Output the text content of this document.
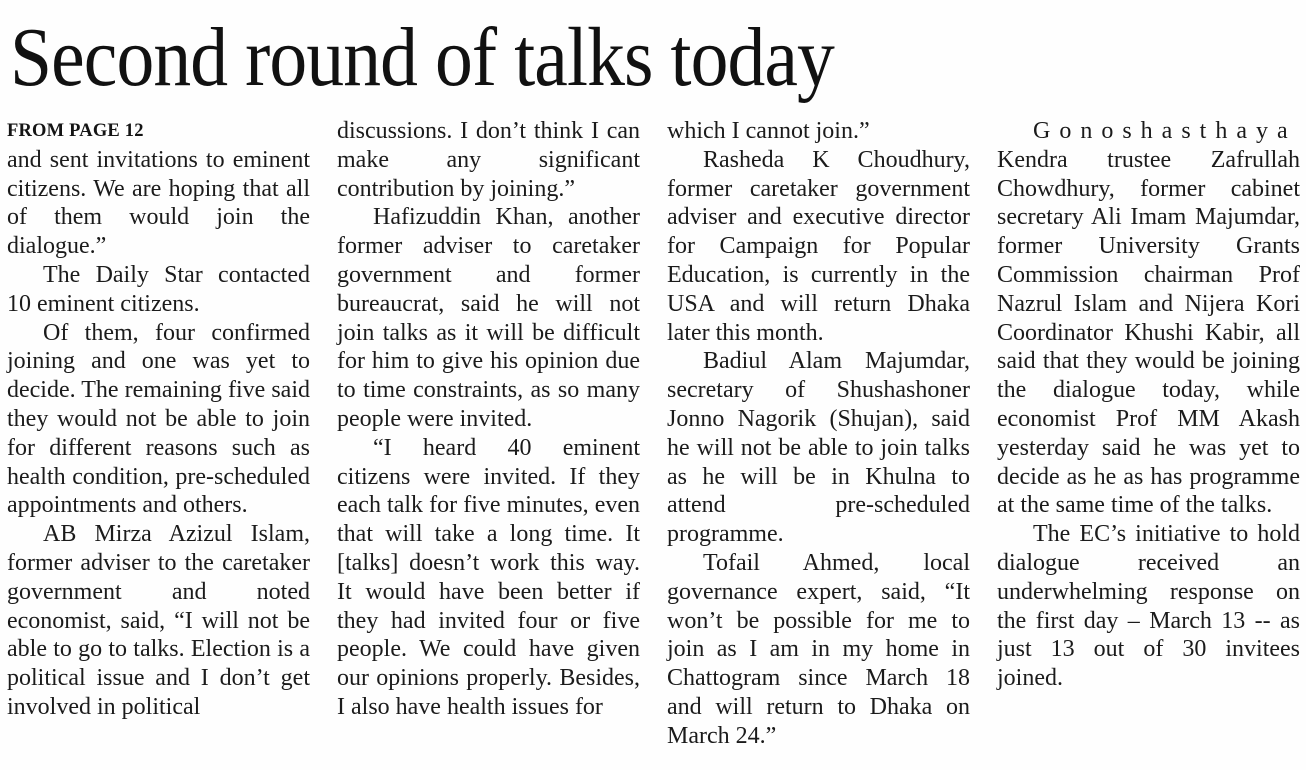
Second round of talks today
FROM PAGE 12

and sent invitations to eminent citizens. We are hoping that all of them would join the dialogue.”

The Daily Star contacted 10 eminent citizens.

Of them, four confirmed joining and one was yet to decide. The remaining five said they would not be able to join for different reasons such as health condition, pre-scheduled appointments and others.

AB Mirza Azizul Islam, former adviser to the caretaker government and noted economist, said, “I will not be able to go to talks. Election is a political issue and I don’t get involved in political

discussions. I don’t think I can make any significant contribution by joining.”

Hafizuddin Khan, another former adviser to caretaker government and former bureaucrat, said he will not join talks as it will be difficult for him to give his opinion due to time constraints, as so many people were invited.

“I heard 40 eminent citizens were invited. If they each talk for five minutes, even that will take a long time. It [talks] doesn’t work this way. It would have been better if they had invited four or five people. We could have given our opinions properly. Besides, I also have health issues for

which I cannot join.”

Rasheda K Choudhury, former caretaker government adviser and executive director for Campaign for Popular Education, is currently in the USA and will return Dhaka later this month.

Badiul Alam Majumdar, secretary of Shushashoner Jonno Nagorik (Shujan), said he will not be able to join talks as he will be in Khulna to attend pre-scheduled programme.

Tofail Ahmed, local governance expert, said, “It won’t be possible for me to join as I am in my home in Chattogram since March 18 and will return to Dhaka on March 24.”

Gonoshasthaya Kendra trustee Zafrullah Chowdhury, former cabinet secretary Ali Imam Majumdar, former University Grants Commission chairman Prof Nazrul Islam and Nijera Kori Coordinator Khushi Kabir, all said that they would be joining the dialogue today, while economist Prof MM Akash yesterday said he was yet to decide as he as has programme at the same time of the talks.

The EC’s initiative to hold dialogue received an underwhelming response on the first day – March 13 -- as just 13 out of 30 invitees joined.
